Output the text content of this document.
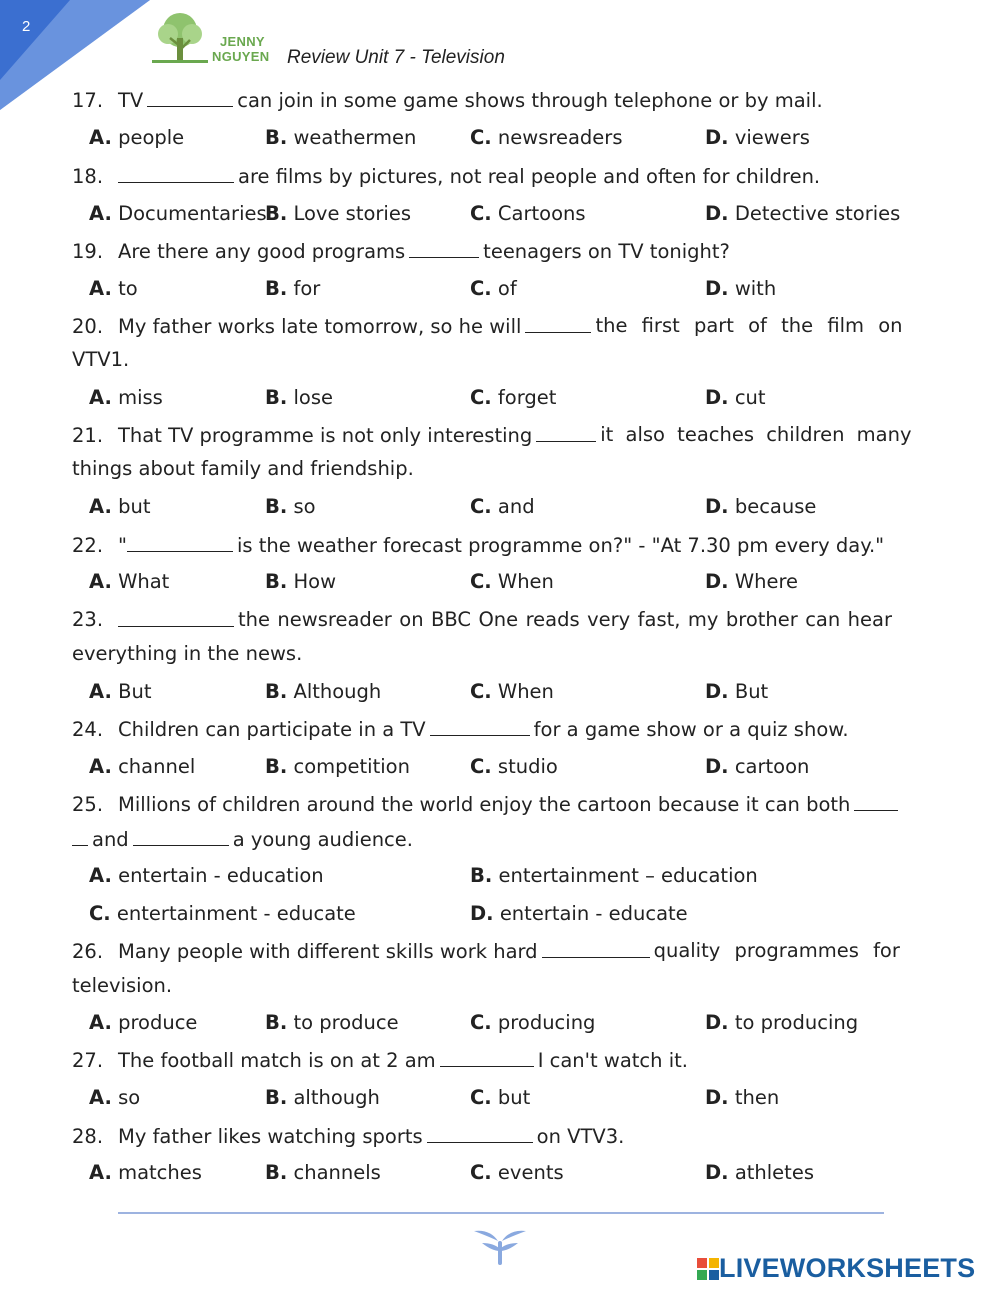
2
JENNY
NGUYEN Review Unit 7 - Television
17. TV	can join in some game shows through telephone or by mail.
A. people	B. weathermen	C. newsreaders	D. viewers
18.	are films by pictures, not real people and often for children.
A. Documentaries
B. Love stories	C. Cartoons	D. Detective stories
19. Are there any good programs	teenagers on TV tonight?
A. to	B. for	C. of	D. with
20. My father works late tomorrow, so he will	the first part of the film on
VTV1.
A. miss	B. lose	C. forget	D. cut
21. That TV programme is not only interesting	it also teaches children many
things about family and friendship.
A. but	B. so	C. and	D. because
22. "	is the weather forecast programme on?" - "At 7.30 pm every day."
A. What	B. How	C. When	D. Where
23.	the newsreader on BBC One reads very fast, my brother can hear
everything in the news.
A. But	B. Although	C. When	D. But
24. Children can participate in a TV	for a game show or a quiz show.
A. channel	B. competition	C. studio	D. cartoon
25. Millions of children around the world enjoy the cartoon because it can both
and	a young audience.
A. entertain - education	B. entertainment – education
C. entertainment - educate	D. entertain - educate
26. Many people with different skills work hard	quality programmes for
television.
A. produce	B. to produce	C. producing	D. to producing
27. The football match is on at 2 am	I can't watch it.
A. so	B. although	C. but	D. then
28. My father likes watching sports	on VTV3.
A. matches	B. channels	C. events	D. athletes
LIVEWORKSHEETS
